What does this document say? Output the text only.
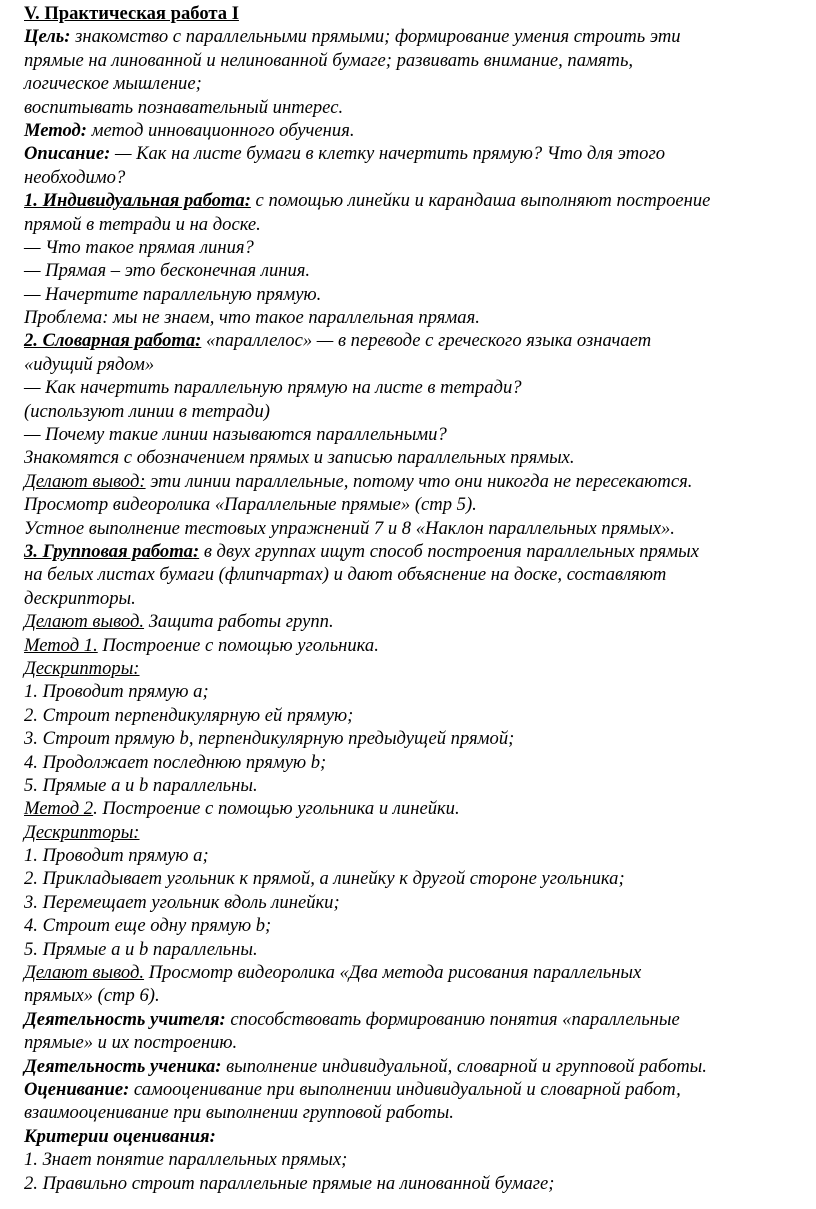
V. Практическая работа I
Цель: знакомство с параллельными прямыми; формирование умения строить эти
прямые на линованной и нелинованной бумаге; развивать внимание, память,
логическое мышление;
воспитывать познавательный интерес.
Метод: метод инновационного обучения.
Описание: — Как на листе бумаги в клетку начертить прямую? Что для этого
необходимо?
1. Индивидуальная работа: с помощью линейки и карандаша выполняют построение
прямой в тетради и на доске.
— Что такое прямая линия?
— Прямая – это бесконечная линия.
— Начертите параллельную прямую.
Проблема: мы не знаем, что такое параллельная прямая.
2. Словарная работа: «параллелос» — в переводе с греческого языка означает
«идущий рядом»
— Как начертить параллельную прямую на листе в тетради?
(используют линии в тетради)
— Почему такие линии называются параллельными?
Знакомятся с обозначением прямых и записью параллельных прямых.
Делают вывод: эти линии параллельные, потому что они никогда не пересекаются.
Просмотр видеоролика «Параллельные прямые» (стр 5).
Устное выполнение тестовых упражнений 7 и 8 «Наклон параллельных прямых».
3. Групповая работа: в двух группах ищут способ построения параллельных прямых
на белых листах бумаги (флипчартах) и дают объяснение на доске, составляют
дескрипторы.
Делают вывод. Защита работы групп.
Метод 1. Построение с помощью угольника.
Дескрипторы:
1. Проводит прямую a;
2. Строит перпендикулярную ей прямую;
3. Строит прямую b, перпендикулярную предыдущей прямой;
4. Продолжает последнюю прямую b;
5. Прямые a и b параллельны.
Метод 2. Построение с помощью угольника и линейки.
Дескрипторы:
1. Проводит прямую a;
2. Прикладывает угольник к прямой, а линейку к другой стороне угольника;
3. Перемещает угольник вдоль линейки;
4. Строит еще одну прямую b;
5. Прямые a и b параллельны.
Делают вывод. Просмотр видеоролика «Два метода рисования параллельных
прямых» (стр 6).
Деятельность учителя: способствовать формированию понятия «параллельные
прямые» и их построению.
Деятельность ученика: выполнение индивидуальной, словарной и групповой работы.
Оценивание: самооценивание при выполнении индивидуальной и словарной работ,
взаимооценивание при выполнении групповой работы.
Критерии оценивания:
1. Знает понятие параллельных прямых;
2. Правильно строит параллельные прямые на линованной бумаге;
